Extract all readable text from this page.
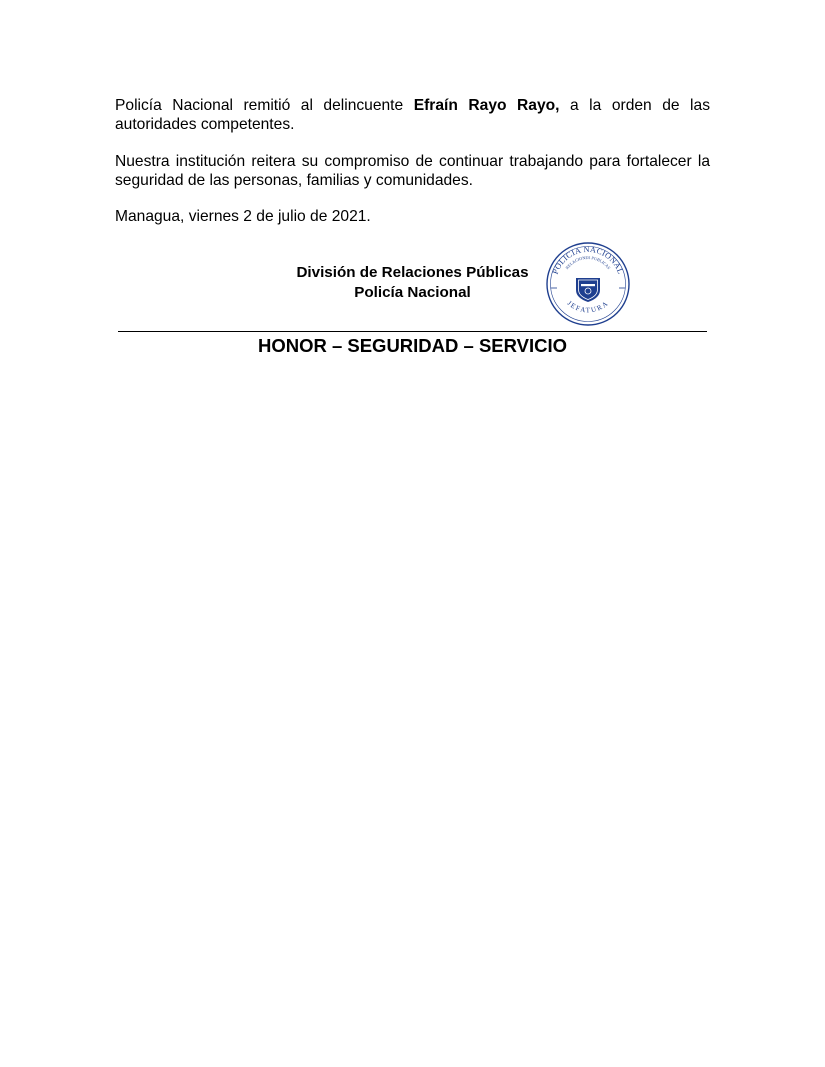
Policía Nacional remitió al delincuente Efraín Rayo Rayo, a la orden de las autoridades competentes.

Nuestra institución reitera su compromiso de continuar trabajando para fortalecer la seguridad de las personas, familias y comunidades.

Managua, viernes 2 de julio de 2021.

División de Relaciones Públicas
Policía Nacional
POLICIA NACIONAL
RELACIONES PUBLICAS
JEFATURA
HONOR – SEGURIDAD – SERVICIO
